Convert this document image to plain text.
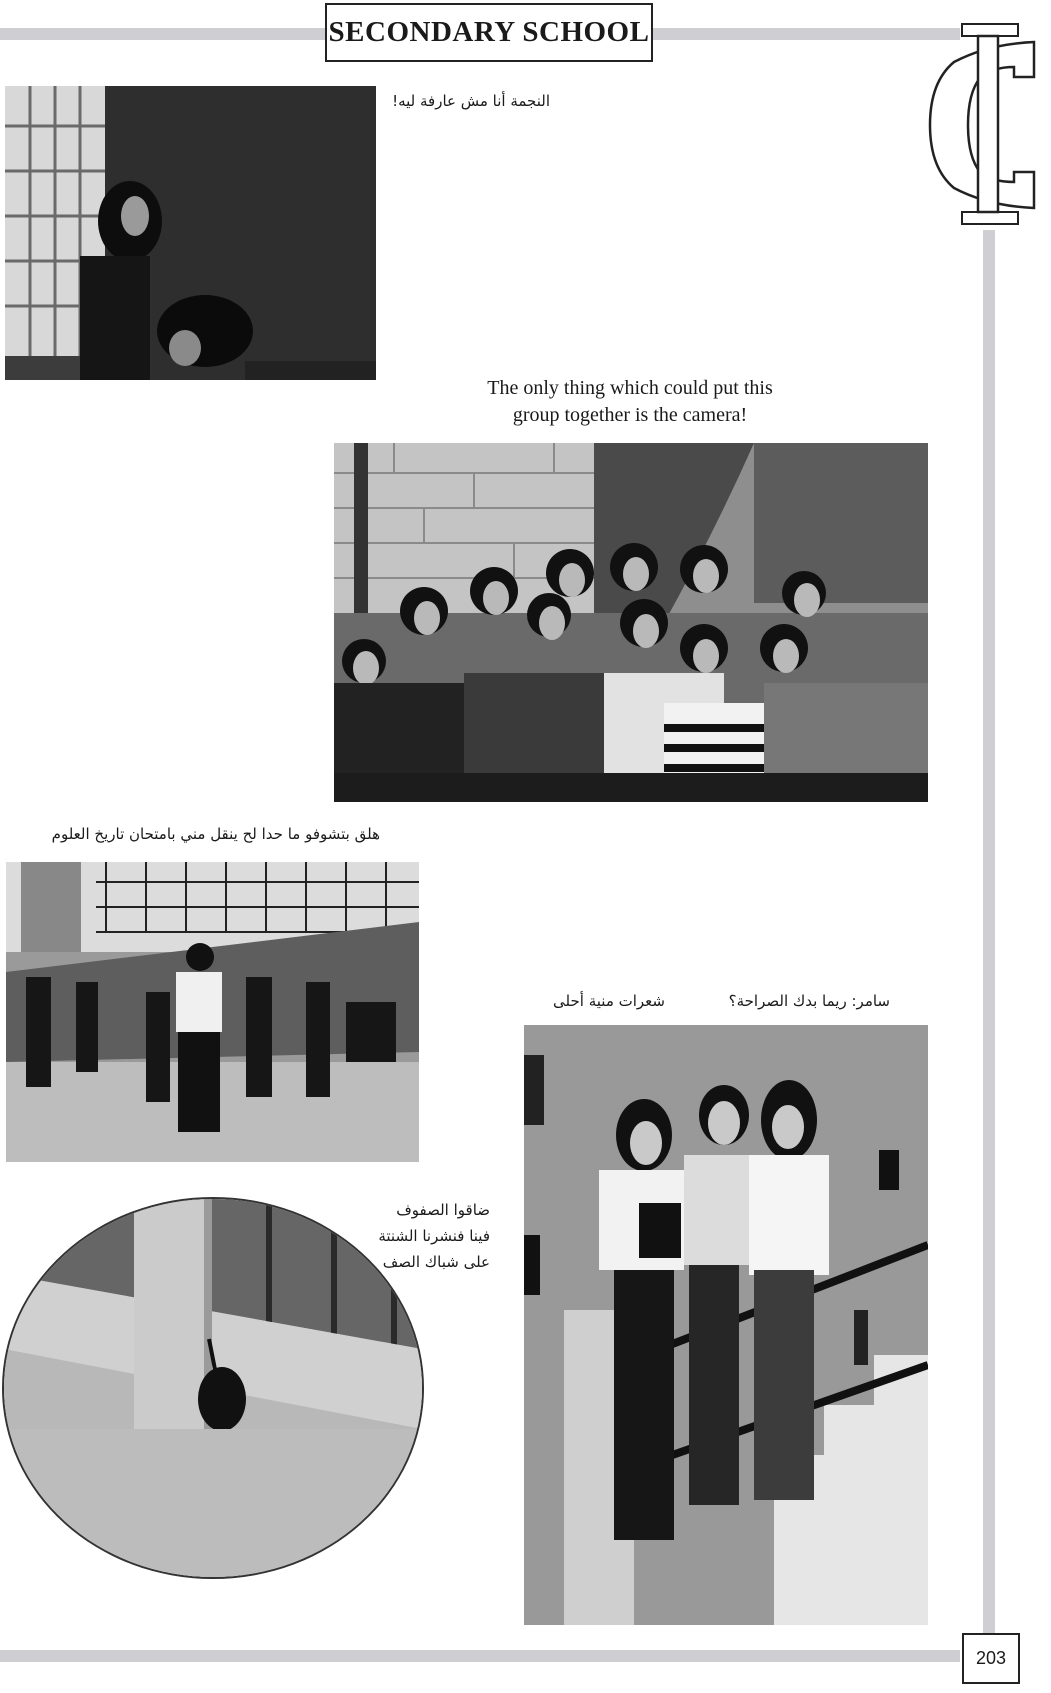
SECONDARY SCHOOL
النجمة أنا مش عارفة ليه!
The only thing which could put this
group together is the camera!
هلق بتشوفو ما حدا لح ينقل مني بامتحان تاريخ العلوم
سامر: ريما بدك الصراحة؟
شعرات منية أحلى
ضاقوا الصفوف
فينا فنشرنا الشنتة
على شباك الصف
203
